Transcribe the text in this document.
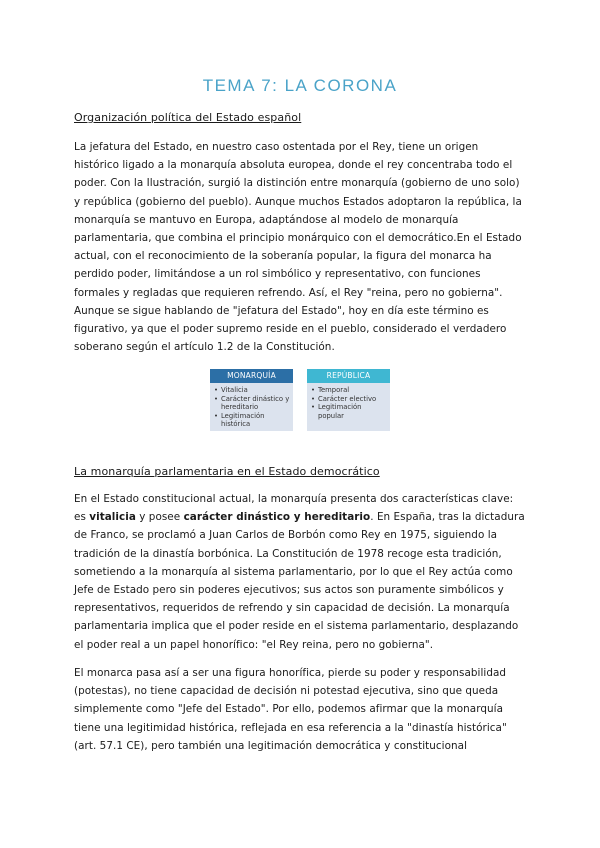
TEMA 7: LA CORONA
Organización política del Estado español

La jefatura del Estado, en nuestro caso ostentada por el Rey, tiene un origen histórico ligado a la monarquía absoluta europea, donde el rey concentraba todo el poder. Con la Ilustración, surgió la distinción entre monarquía (gobierno de uno solo) y república (gobierno del pueblo). Aunque muchos Estados adoptaron la república, la monarquía se mantuvo en Europa, adaptándose al modelo de monarquía parlamentaria, que combina el principio monárquico con el democrático.En el Estado actual, con el reconocimiento de la soberanía popular, la figura del monarca ha perdido poder, limitándose a un rol simbólico y representativo, con funciones formales y regladas que requieren refrendo. Así, el Rey "reina, pero no gobierna". Aunque se sigue hablando de "jefatura del Estado", hoy en día este término es figurativo, ya que el poder supremo reside en el pueblo, considerado el verdadero soberano según el artículo 1.2 de la Constitución.

MONARQUÍA
• Vitalicia
• Carácter dinástico y hereditario
• Legitimación histórica
REPÚBLICA
• Temporal
• Carácter electivo
• Legitimación popular
La monarquía parlamentaria en el Estado democrático

En el Estado constitucional actual, la monarquía presenta dos características clave: es vitalicia y posee carácter dinástico y hereditario. En España, tras la dictadura de Franco, se proclamó a Juan Carlos de Borbón como Rey en 1975, siguiendo la tradición de la dinastía borbónica. La Constitución de 1978 recoge esta tradición, sometiendo a la monarquía al sistema parlamentario, por lo que el Rey actúa como Jefe de Estado pero sin poderes ejecutivos; sus actos son puramente simbólicos y representativos, requeridos de refrendo y sin capacidad de decisión. La monarquía parlamentaria implica que el poder reside en el sistema parlamentario, desplazando el poder real a un papel honorífico: "el Rey reina, pero no gobierna".

El monarca pasa así a ser una figura honorífica, pierde su poder y responsabilidad (potestas), no tiene capacidad de decisión ni potestad ejecutiva, sino que queda simplemente como "Jefe del Estado". Por ello, podemos afirmar que la monarquía tiene una legitimidad histórica, reflejada en esa referencia a la "dinastía histórica" (art. 57.1 CE), pero también una legitimación democrática y constitucional
